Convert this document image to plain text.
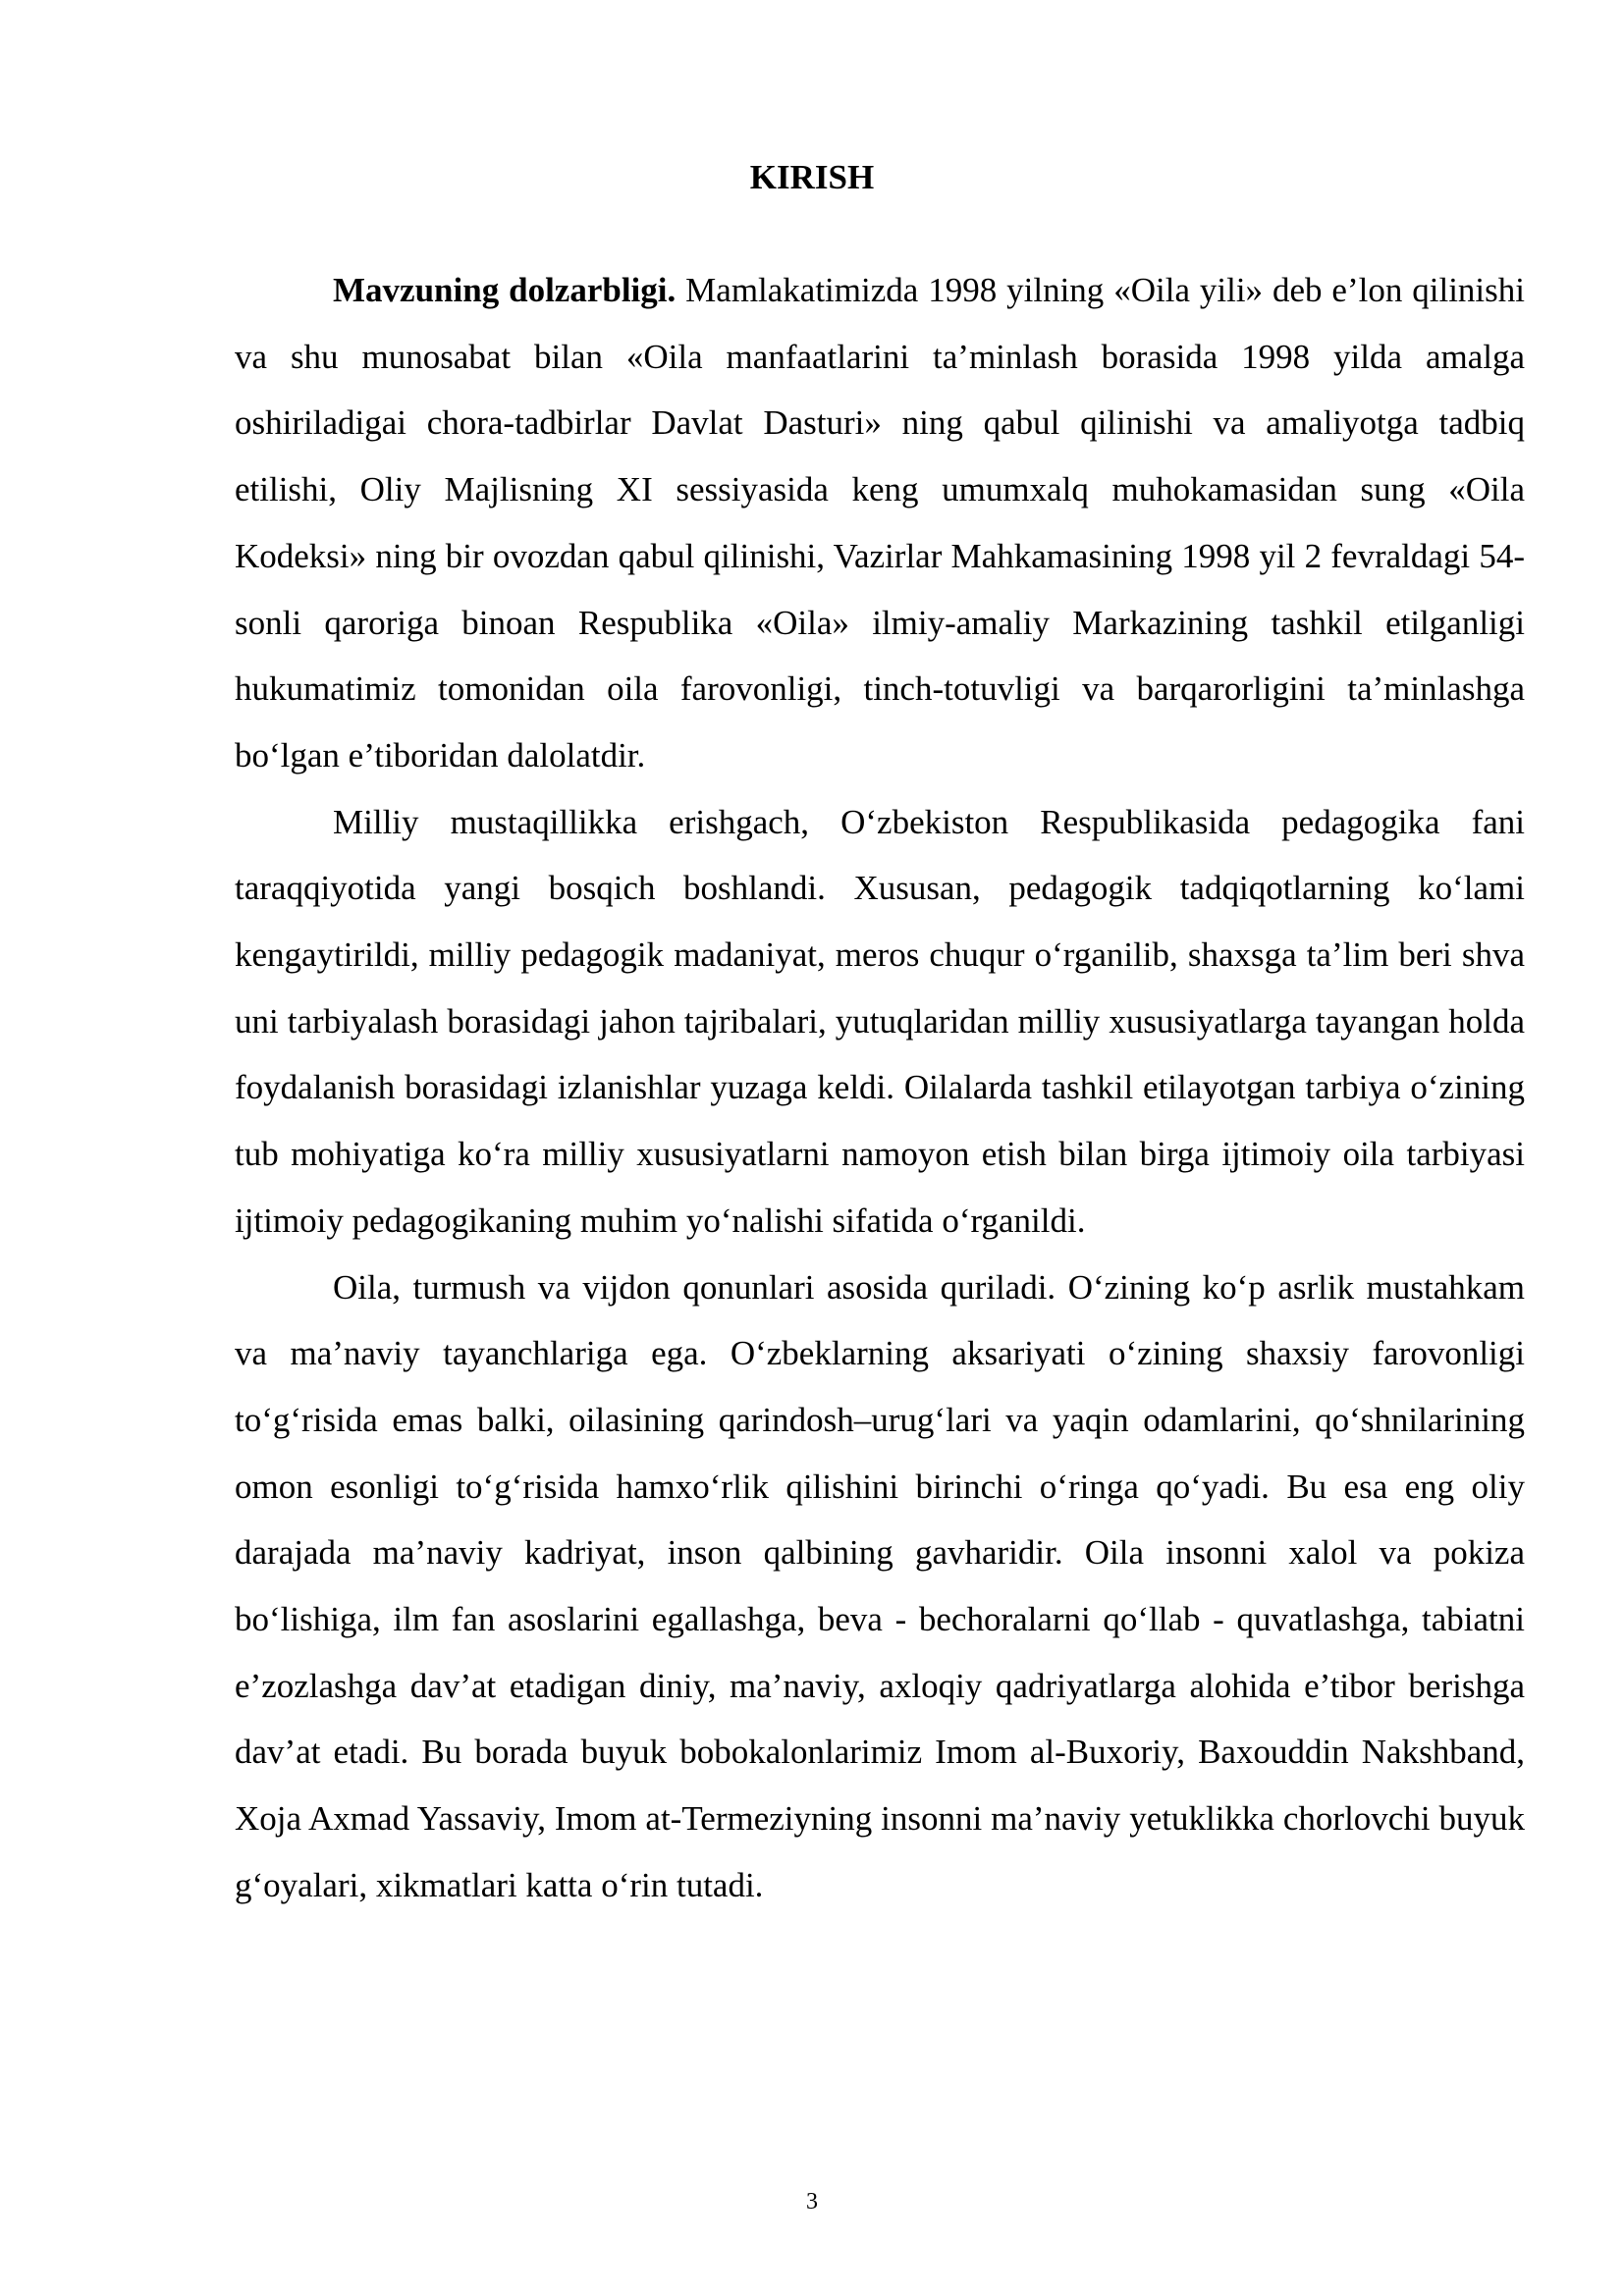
KIRISH

Mavzuning dolzarbligi. Mamlakatimizda 1998 yilning «Oila yili» deb e’lon qilinishi va shu munosabat bilan «Oila manfaatlarini ta’minlash borasida 1998 yilda amalga oshiriladigai chora-tadbirlar Davlat Dasturi» ning qabul qilinishi va amaliyotga tadbiq etilishi, Oliy Majlisning XI sessiyasida keng umumxalq muhokamasidan sung «Oila Kodeksi» ning bir ovozdan qabul qilinishi, Vazirlar Mahkamasining 1998 yil 2 fevraldagi 54-sonli qaroriga binoan Respublika «Oila» ilmiy-amaliy Markazining tashkil etilganligi hukumatimiz tomonidan oila farovonligi, tinch-totuvligi va barqarorligini ta’minlashga bo‘lgan e’tiboridan dalolatdir.

Milliy mustaqillikka erishgach, O‘zbekiston Respublikasida pedagogika fani taraqqiyotida yangi bosqich boshlandi. Xususan, pedagogik tadqiqotlarning ko‘lami kengaytirildi, milliy pedagogik madaniyat, meros chuqur o‘rganilib, shaxsga ta’lim beri shva uni tarbiyalash borasidagi jahon tajribalari, yutuqlaridan milliy xususiyatlarga tayangan holda foydalanish borasidagi izlanishlar yuzaga keldi. Oilalarda tashkil etilayotgan tarbiya o‘zining tub mohiyatiga ko‘ra milliy xususiyatlarni namoyon etish bilan birga ijtimoiy oila tarbiyasi ijtimoiy pedagogikaning muhim yo‘nalishi sifatida o‘rganildi.

Oila, turmush va vijdon qonunlari asosida quriladi. O‘zining ko‘p asrlik mustahkam va ma’naviy tayanchlariga ega. O‘zbeklarning aksariyati o‘zining shaxsiy farovonligi to‘g‘risida emas balki, oilasining qarindosh–urug‘lari va yaqin odamlarini, qo‘shnilarining omon esonligi to‘g‘risida hamxo‘rlik qilishini birinchi o‘ringa qo‘yadi. Bu esa eng oliy darajada ma’naviy kadriyat, inson qalbining gavharidir. Oila insonni xalol va pokiza bo‘lishiga, ilm fan asoslarini egallashga, beva - bechoralarni qo‘llab - quvatlashga, tabiatni e’zozlashga dav’at etadigan diniy, ma’naviy, axloqiy qadriyatlarga alohida e’tibor berishga dav’at etadi. Bu borada buyuk bobokalonlarimiz Imom al-Buxoriy, Baxouddin Nakshband, Xoja Axmad Yassaviy, Imom at-Termeziyning insonni ma’naviy yetuklikka chorlovchi buyuk g‘oyalari, xikmatlari katta o‘rin tutadi.

3
